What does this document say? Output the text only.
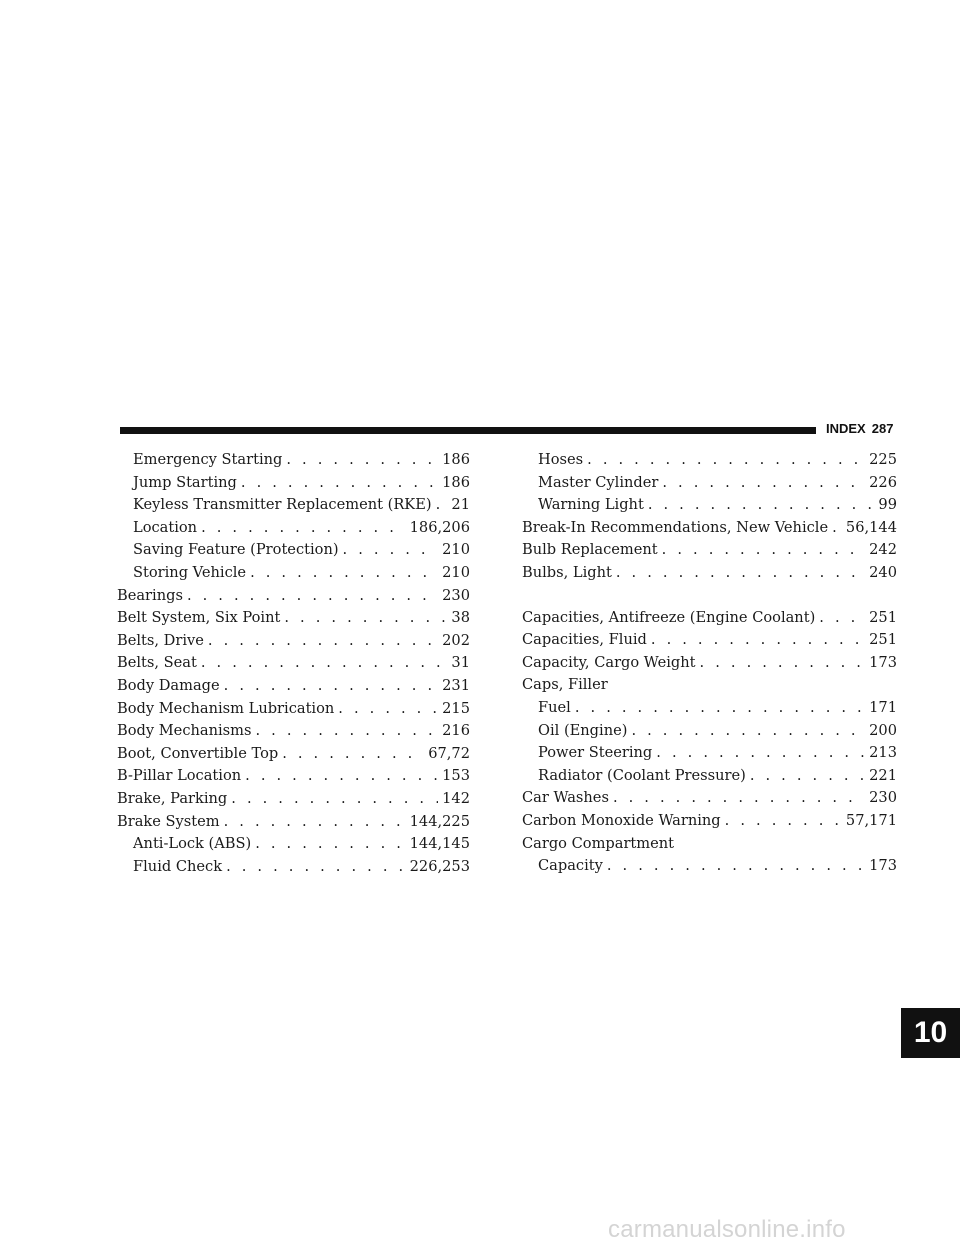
INDEX 287
Emergency Starting . . .	186
Jump Starting . . .	186
Keyless Transmitter Replacement (RKE) . . . 21
Location . . .	186,206
Saving Feature (Protection) . . .	210
Storing Vehicle . . .	210
Bearings . . .	230
Belt System, Six Point . . .	38
Belts, Drive . . .	202
Belts, Seat . . .	31
Body Damage . . .	231
Body Mechanism Lubrication . . .	215
Body Mechanisms . . .	216
Boot, Convertible Top . . .	67,72
B-Pillar Location . . .	153
Brake, Parking . . .	142
Brake System . . .	144,225
Anti-Lock (ABS) . . .	144,145
Fluid Check . . .	226,253
Hoses . . .	225
Master Cylinder . . .	226
Warning Light . . .	99
Break-In Recommendations, New Vehicle . . . 56,144
Bulb Replacement . . .	242
Bulbs, Light . . .	240
Capacities, Antifreeze (Engine Coolant) . . .	251
Capacities, Fluid . . .	251
Capacity, Cargo Weight . . .	173
Caps, Filler
Fuel . . .	171
Oil (Engine) . . .	200
Power Steering . . .	213
Radiator (Coolant Pressure) . . .	221
Car Washes . . .	230
Carbon Monoxide Warning . . .	57,171
Cargo Compartment
Capacity . . .	173
10
carmanualsonline.info
